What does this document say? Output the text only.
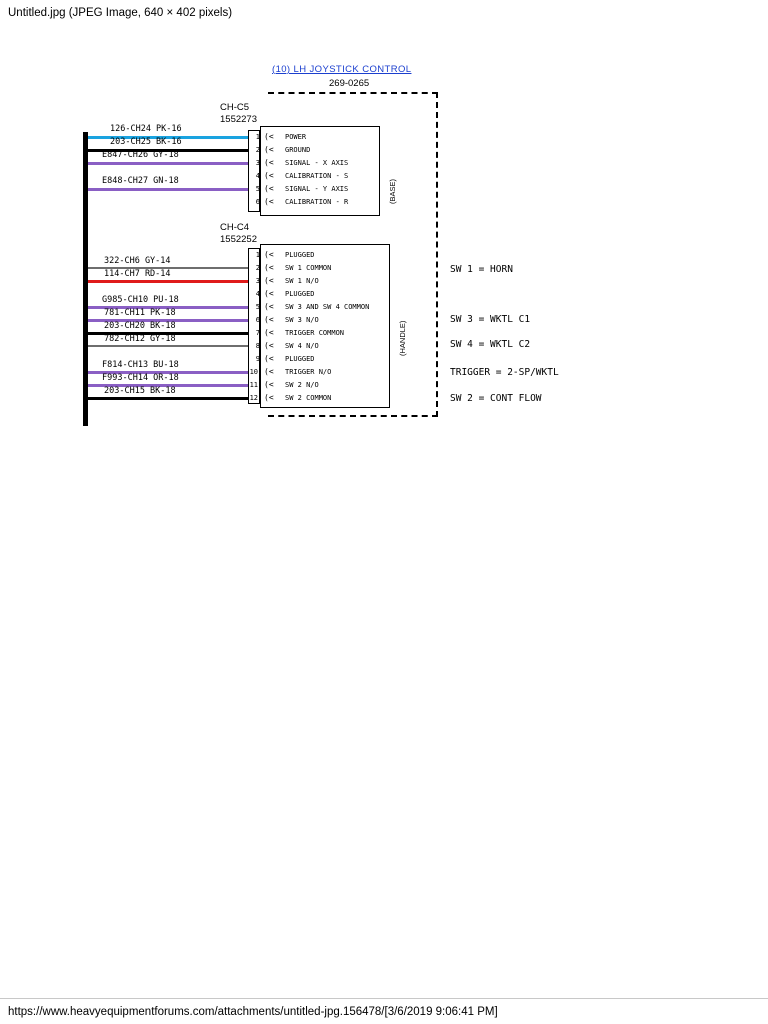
Untitled.jpg (JPEG Image, 640 × 402 pixels)
(10) LH JOYSTICK CONTROL
269-0265
CH-C5
1552273
(BASE)
1 (< POWER
2 (< GROUND
3 (< SIGNAL - X AXIS
4 (< CALIBRATION - S
5 (< SIGNAL - Y AXIS
6 (< CALIBRATION - R
126-CH24 PK-16
203-CH25 BK-16
E847-CH26 GY-18
E848-CH27 GN-18
CH-C4
1552252
(HANDLE)
1 (< PLUGGED
2 (< SW 1 COMMON
3 (< SW 1 N/O
4 (< PLUGGED
5 (< SW 3 AND SW 4 COMMON
6 (< SW 3 N/O
7 (< TRIGGER COMMON
8 (< SW 4 N/O
9 (< PLUGGED
10 (< TRIGGER N/O
11 (< SW 2 N/O
12 (< SW 2 COMMON
322-CH6 GY-14
114-CH7 RD-14
G985-CH10 PU-18
781-CH11 PK-18
203-CH20 BK-18
782-CH12 GY-18
F814-CH13 BU-18
F993-CH14 OR-18
203-CH15 BK-18
SW 1 = HORN
SW 3 = WKTL C1
SW 4 = WKTL C2
TRIGGER = 2-SP/WKTL
SW 2 = CONT FLOW
https://www.heavyequipmentforums.com/attachments/untitled-jpg.156478/[3/6/2019 9:06:41 PM]
